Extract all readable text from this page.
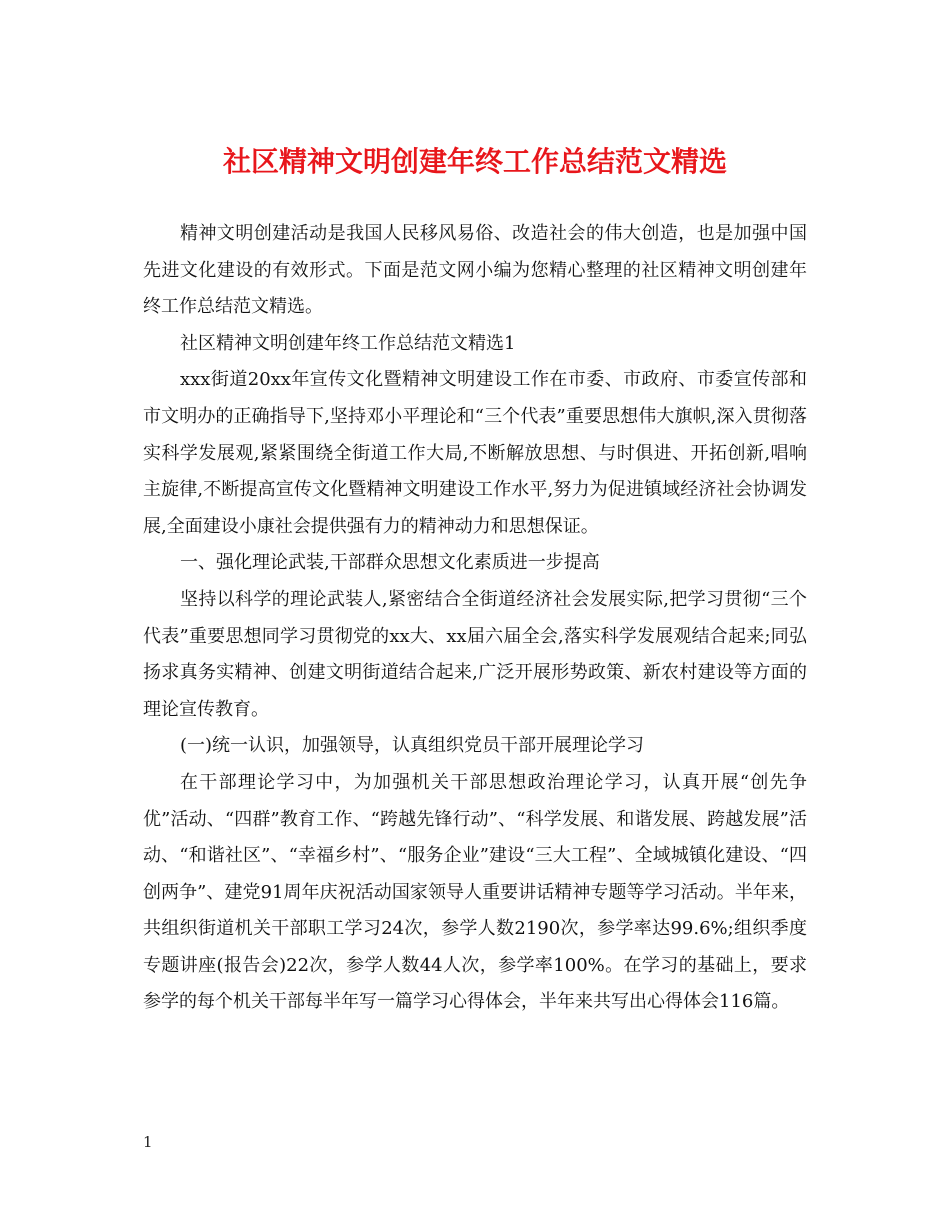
社区精神文明创建年终工作总结范文精选

精神文明创建活动是我国人民移风易俗、改造社会的伟大创造，也是加强中国先进文化建设的有效形式。下面是范文网小编为您精心整理的社区精神文明创建年终工作总结范文精选。

社区精神文明创建年终工作总结范文精选1

xxx街道20xx年宣传文化暨精神文明建设工作在市委、市政府、市委宣传部和市文明办的正确指导下,坚持邓小平理论和“三个代表”重要思想伟大旗帜,深入贯彻落实科学发展观,紧紧围绕全街道工作大局,不断解放思想、与时俱进、开拓创新,唱响主旋律,不断提高宣传文化暨精神文明建设工作水平,努力为促进镇域经济社会协调发展,全面建设小康社会提供强有力的精神动力和思想保证。

一、强化理论武装,干部群众思想文化素质进一步提高

坚持以科学的理论武装人,紧密结合全街道经济社会发展实际,把学习贯彻“三个代表”重要思想同学习贯彻党的xx大、xx届六届全会,落实科学发展观结合起来;同弘扬求真务实精神、创建文明街道结合起来,广泛开展形势政策、新农村建设等方面的理论宣传教育。

(一)统一认识，加强领导，认真组织党员干部开展理论学习

在干部理论学习中，为加强机关干部思想政治理论学习，认真开展“创先争优”活动、“四群”教育工作、“跨越先锋行动”、“科学发展、和谐发展、跨越发展”活动、“和谐社区”、“幸福乡村”、“服务企业”建设“三大工程”、全域城镇化建设、“四创两争”、建党91周年庆祝活动国家领导人重要讲话精神专题等学习活动。半年来，共组织街道机关干部职工学习24次，参学人数2190次，参学率达99.6%;组织季度专题讲座(报告会)22次，参学人数44人次，参学率100%。在学习的基础上，要求参学的每个机关干部每半年写一篇学习心得体会，半年来共写出心得体会116篇。

1
